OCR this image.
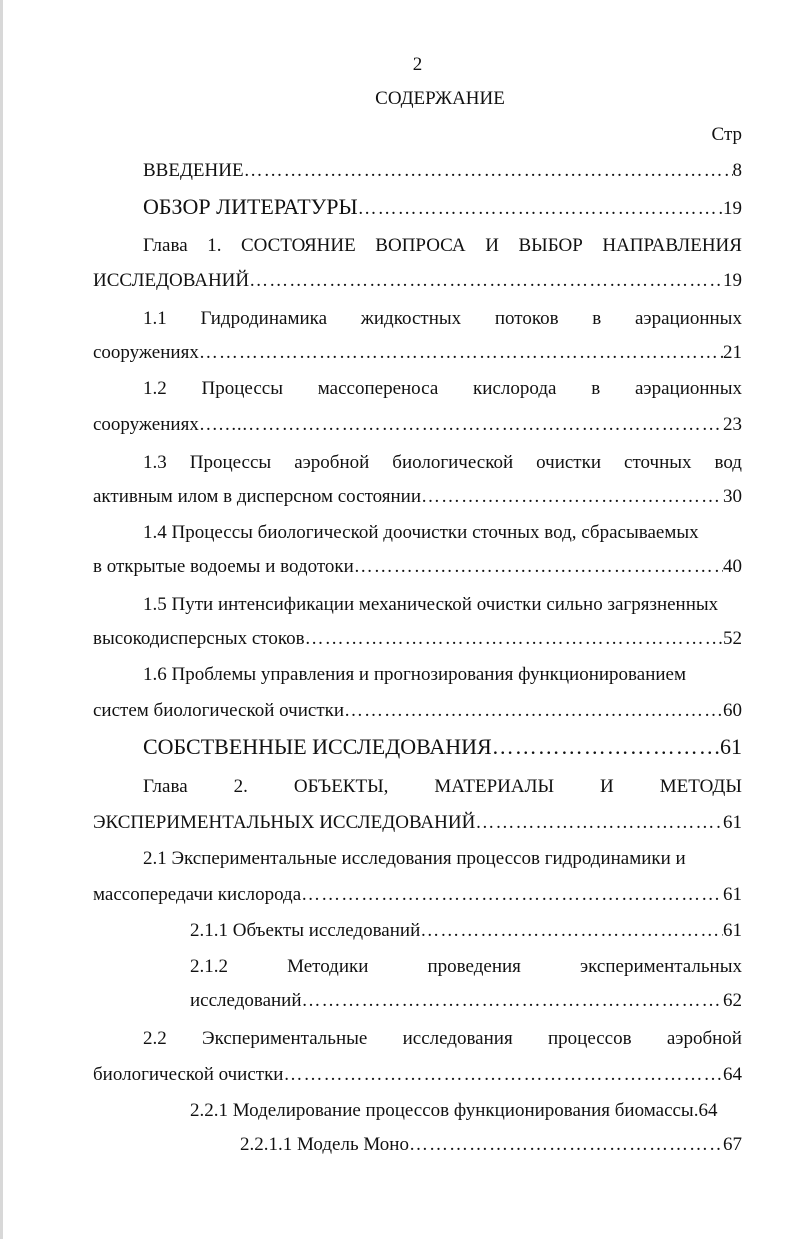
2
СОДЕРЖАНИЕ
Стр
ВВЕДЕНИЕ ………………………………………………………………………………………………………………………………………………………………………………………………	8
ОБЗОР ЛИТЕРАТУРЫ ………………………………………………………………………………………………………………………………………………………………………………………………	19
Глава 1. СОСТОЯНИЕ ВОПРОСА И ВЫБОР НАПРАВЛЕНИЯ
ИССЛЕДОВАНИЙ ………………………………………………………………………………………………………………………………………………………………………………………………	19
1.1 Гидродинамика жидкостных потоков в аэрационных
сооружениях ………………………………………………………………………………………………………………………………………………………………………………………………	21
1.2 Процессы массопереноса кислорода в аэрационных
сооружениях……. ………………………………………………………………………………………………………………………………………………………………………………………………	23
1.3 Процессы аэробной биологической очистки сточных вод
активным илом в дисперсном состоянии ………………………………………………………………………………………………………………………………………………………………………………………………	30
1.4 Процессы биологической доочистки сточных вод, сбрасываемых
в открытые водоемы и водотоки ………………………………………………………………………………………………………………………………………………………………………………………………	40
1.5 Пути интенсификации механической очистки сильно загрязненных
высокодисперсных стоков ………………………………………………………………………………………………………………………………………………………………………………………………	52
1.6 Проблемы управления и прогнозирования функционированием
систем биологической очистки ………………………………………………………………………………………………………………………………………………………………………………………………	60
СОБСТВЕННЫЕ ИССЛЕДОВАНИЯ ………………………………………………………………………………………………………………………………………………………………………………………………	61
Глава 2. ОБЪЕКТЫ, МАТЕРИАЛЫ И МЕТОДЫ
ЭКСПЕРИМЕНТАЛЬНЫХ ИССЛЕДОВАНИЙ ………………………………………………………………………………………………………………………………………………………………………………………………	61
2.1 Экспериментальные исследования процессов гидродинамики и
массопередачи кислорода ………………………………………………………………………………………………………………………………………………………………………………………………	61
2.1.1 Объекты исследований ………………………………………………………………………………………………………………………………………………………………………………………………	61
2.1.2	Методики	проведения	экспериментальных
исследований ………………………………………………………………………………………………………………………………………………………………………………………………	62
2.2 Экспериментальные исследования процессов аэробной
биологической очистки ………………………………………………………………………………………………………………………………………………………………………………………………	64
2.2.1 Моделирование процессов функционирования биомассы. 64
2.2.1.1 Модель Моно ………………………………………………………………………………………………………………………………………………………………………………………………	67
